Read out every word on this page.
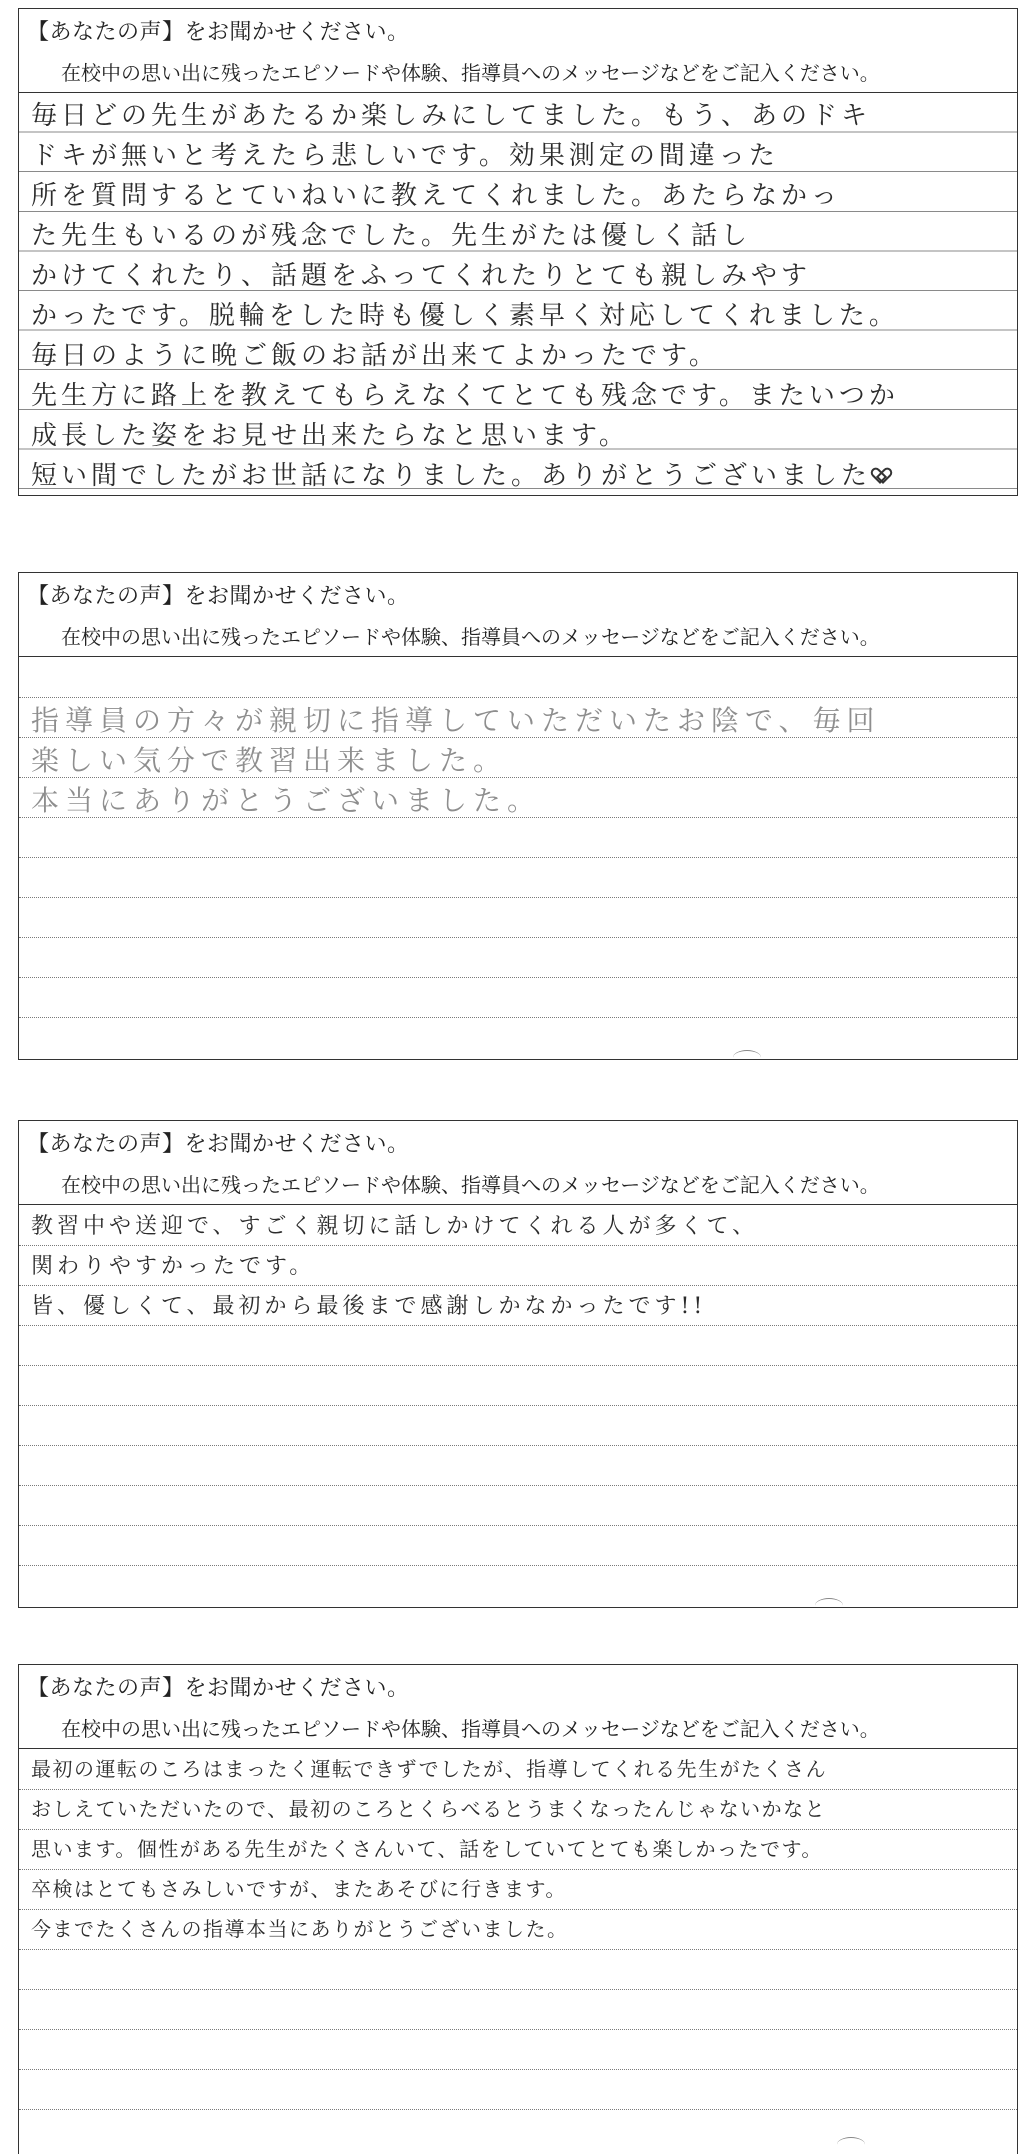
【あなたの声】をお聞かせください。
在校中の思い出に残ったエピソードや体験、指導員へのメッセージなどをご記入ください。
毎日どの先生があたるか楽しみにしてました。もう、あのドキ
ドキが無いと考えたら悲しいです。効果測定の間違った
所を質問するとていねいに教えてくれました。あたらなかっ
た先生もいるのが残念でした。先生がたは優しく話し
かけてくれたり、話題をふってくれたりとても親しみやす
かったです。脱輪をした時も優しく素早く対応してくれました。
毎日のように晩ご飯のお話が出来てよかったです。
先生方に路上を教えてもらえなくてとても残念です。またいつか
成長した姿をお見せ出来たらなと思います。
短い間でしたがお世話になりました。ありがとうございました
【あなたの声】をお聞かせください。
在校中の思い出に残ったエピソードや体験、指導員へのメッセージなどをご記入ください。
指導員の方々が親切に指導していただいたお陰で、毎回
楽しい気分で教習出来ました。
本当にありがとうございました。
【あなたの声】をお聞かせください。
在校中の思い出に残ったエピソードや体験、指導員へのメッセージなどをご記入ください。
教習中や送迎で、すごく親切に話しかけてくれる人が多くて、
関わりやすかったです。
皆、優しくて、最初から最後まで感謝しかなかったです!!
【あなたの声】をお聞かせください。
在校中の思い出に残ったエピソードや体験、指導員へのメッセージなどをご記入ください。
最初の運転のころはまったく運転できずでしたが、指導してくれる先生がたくさん
おしえていただいたので、最初のころとくらべるとうまくなったんじゃないかなと
思います。個性がある先生がたくさんいて、話をしていてとても楽しかったです。
卒検はとてもさみしいですが、またあそびに行きます。
今までたくさんの指導本当にありがとうございました。
